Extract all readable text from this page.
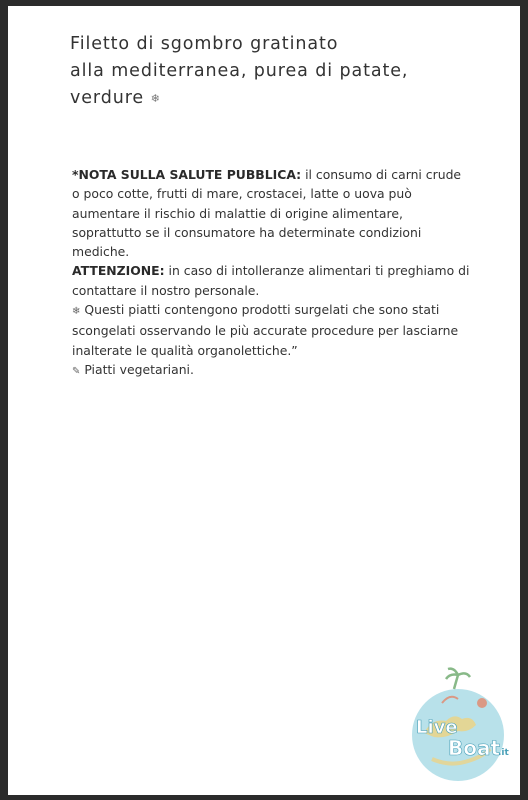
Filetto di sgombro gratinato
alla mediterranea, purea di patate,
verdure ❄

*NOTA SULLA SALUTE PUBBLICA: il consumo di carni crude o poco cotte, frutti di mare, crostacei, latte o uova può aumentare il rischio di malattie di origine alimentare, soprattutto se il consumatore ha determinate condizioni mediche.

ATTENZIONE: in caso di intolleranze alimentari ti preghiamo di contattare il nostro personale.

❄ Questi piatti contengono prodotti surgelati che sono stati scongelati osservando le più accurate procedure per lasciarne inalterate le qualità organolettiche.”

✎ Piatti vegetariani.

Live
Boat
.it
